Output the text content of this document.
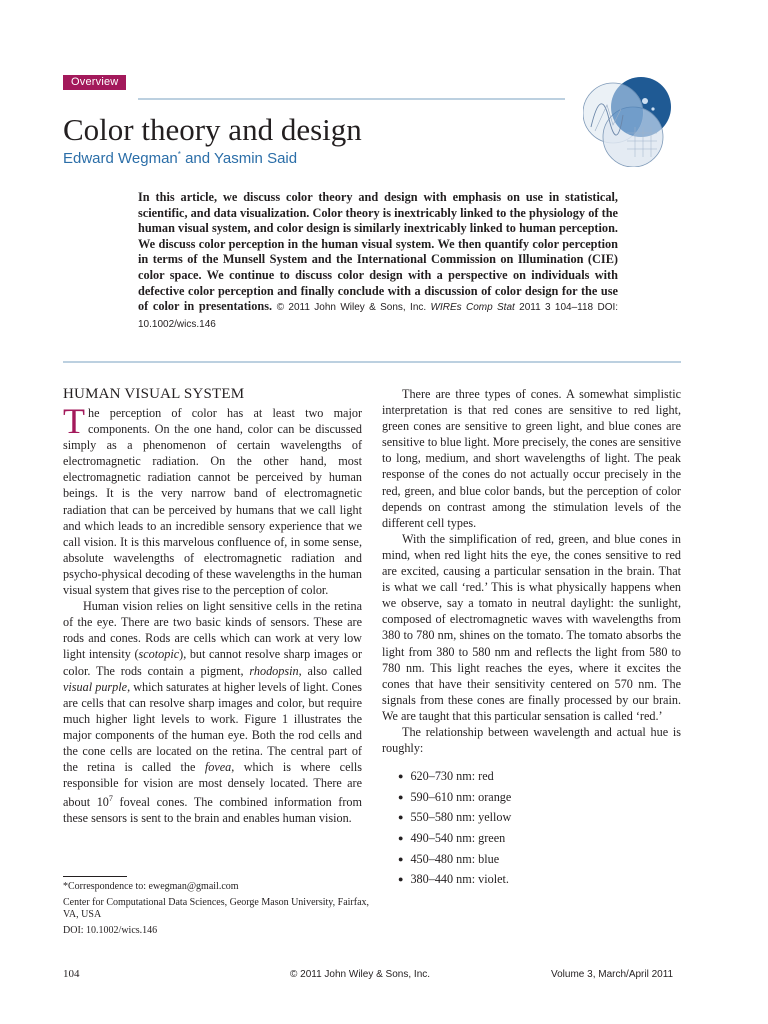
Overview
Color theory and design
Edward Wegman* and Yasmin Said
In this article, we discuss color theory and design with emphasis on use in statistical, scientific, and data visualization. Color theory is inextricably linked to the physiology of the human visual system, and color design is similarly inextricably linked to human perception. We discuss color perception in the human visual system. We then quantify color perception in terms of the Munsell System and the International Commission on Illumination (CIE) color space. We continue to discuss color design with a perspective on individuals with defective color perception and finally conclude with a discussion of color design for the use of color in presentations. © 2011 John Wiley & Sons, Inc. WIREs Comp Stat 2011 3 104–118 DOI: 10.1002/wics.146
HUMAN VISUAL SYSTEM

The perception of color has at least two major components. On the one hand, color can be discussed simply as a phenomenon of certain wavelengths of electromagnetic radiation. On the other hand, most electromagnetic radiation cannot be perceived by human beings. It is the very narrow band of electromagnetic radiation that can be perceived by humans that we call light and which leads to an incredible sensory experience that we call vision. It is this marvelous confluence of, in some sense, absolute wavelengths of electromagnetic radiation and psycho-physical decoding of these wavelengths in the human visual system that gives rise to the perception of color.

Human vision relies on light sensitive cells in the retina of the eye. There are two basic kinds of sensors. These are rods and cones. Rods are cells which can work at very low light intensity (scotopic), but cannot resolve sharp images or color. The rods contain a pigment, rhodopsin, also called visual purple, which saturates at higher levels of light. Cones are cells that can resolve sharp images and color, but require much higher light levels to work. Figure 1 illustrates the major components of the human eye. Both the rod cells and the cone cells are located on the retina. The central part of the retina is called the fovea, which is where cells responsible for vision are most densely located. There are about $10^7$ foveal cones. The combined information from these sensors is sent to the brain and enables human vision.

There are three types of cones. A somewhat simplistic interpretation is that red cones are sensitive to red light, green cones are sensitive to green light, and blue cones are sensitive to blue light. More precisely, the cones are sensitive to long, medium, and short wavelengths of light. The peak response of the cones do not actually occur precisely in the red, green, and blue color bands, but the perception of color depends on contrast among the stimulation levels of the different cell types.

With the simplification of red, green, and blue cones in mind, when red light hits the eye, the cones sensitive to red are excited, causing a particular sensation in the brain. That is what we call ‘red.’ This is what physically happens when we observe, say a tomato in neutral daylight: the sunlight, composed of electromagnetic waves with wavelengths from 380 to 780 nm, shines on the tomato. The tomato absorbs the light from 380 to 580 nm and reflects the light from 580 to 780 nm. This light reaches the eyes, where it excites the cones that have their sensitivity centered on 570 nm. The signals from these cones are finally processed by our brain. We are taught that this particular sensation is called ‘red.’

The relationship between wavelength and actual hue is roughly:

● 620–730 nm: red
● 590–610 nm: orange
● 550–580 nm: yellow
● 490–540 nm: green
● 450–480 nm: blue
● 380–440 nm: violet.

*Correspondence to: ewegman@gmail.com

Center for Computational Data Sciences, George Mason University, Fairfax, VA, USA

DOI: 10.1002/wics.146

104	© 2011 John Wiley & Sons, Inc.	Volume 3, March/April 2011
